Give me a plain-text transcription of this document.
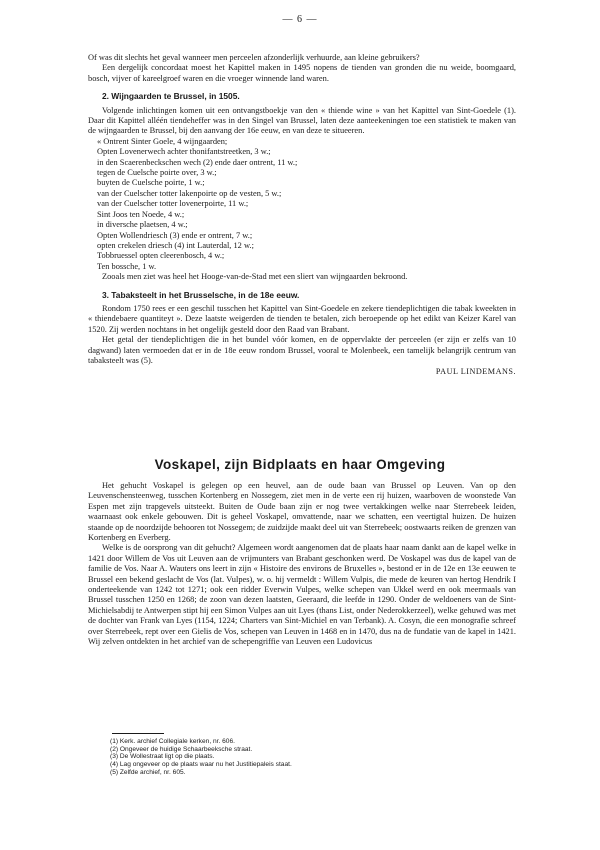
— 6 —

Of was dit slechts het geval wanneer men perceelen afzonderlijk verhuurde, aan kleine gebruikers?

Een dergelijk concordaat moest het Kapittel maken in 1495 nopens de tienden van gronden die nu weide, boomgaard, bosch, vijver of kareelgroef waren en die vroeger winnende land waren.

2. Wijngaarden te Brussel, in 1505.

Volgende inlichtingen komen uit een ontvangstboekje van den « thiende wine » van het Kapittel van Sint-Goedele (1). Daar dit Kapittel alléén tiendeheffer was in den Singel van Brussel, laten deze aanteekeningen toe een statistiek te maken van de wijngaarden te Brussel, bij den aanvang der 16e eeuw, en van deze te situeeren.

« Ontrent Sinter Goele, 4 wijngaarden;

Opten Lovenerwech achter thonifantstreetken, 3 w.;

in den Scaerenbeckschen wech (2) ende daer ontrent, 11 w.;

tegen de Cuelsche poirte over, 3 w.;

buyten de Cuelsche poirte, 1 w.;

van der Cuelscher totter lakenpoirte op de vesten, 5 w.;

van der Cuelscher totter lovenerpoirte, 11 w.;

Sint Joos ten Noede, 4 w.;

in diversche plaetsen, 4 w.;

Opten Wollendriesch (3) ende er ontrent, 7 w.;

opten crekelen driesch (4) int Lauterdal, 12 w.;

Tobbruessel opten cleerenbosch, 4 w.;

Ten bossche, 1 w.

Zooals men ziet was heel het Hooge-van-de-Stad met een sliert van wijngaarden bekroond.

3. Tabaksteelt in het Brusselsche, in de 18e eeuw.

Rondom 1750 rees er een geschil tusschen het Kapittel van Sint-Goedele en zekere tiendeplichtigen die tabak kweekten in « thiendebaere quantiteyt ». Deze laatste weigerden de tienden te betalen, zich beroepende op het edikt van Keizer Karel van 1520. Zij werden nochtans in het ongelijk gesteld door den Raad van Brabant.

Het getal der tiendeplichtigen die in het bundel vóór komen, en de oppervlakte der perceelen (er zijn er zelfs van 10 dagwand) laten vermoeden dat er in de 18e eeuw rondom Brussel, vooral te Molenbeek, een tamelijk belangrijk centrum van tabaksteelt was (5).

PAUL LINDEMANS.
Voskapel, zijn Bidplaats en haar Omgeving

Het gehucht Voskapel is gelegen op een heuvel, aan de oude baan van Brussel op Leuven. Van op den Leuvenschensteenweg, tusschen Kortenberg en Nossegem, ziet men in de verte een rij huizen, waarboven de woonstede Van Espen met zijn trapgevels uitsteekt. Buiten de Oude baan zijn er nog twee vertakkingen welke naar Sterrebeek leiden, waarnaast ook enkele gebouwen. Dit is geheel Voskapel, omvattende, naar we schatten, een veertigtal huizen. De huizen staande op de noordzijde behooren tot Nossegem; de zuidzijde maakt deel uit van Sterrebeek; oostwaarts reiken de grenzen van Kortenberg en Everberg.

Welke is de oorsprong van dit gehucht? Algemeen wordt aangenomen dat de plaats haar naam dankt aan de kapel welke in 1421 door Willem de Vos uit Leuven aan de vrijmunters van Brabant geschonken werd. De Voskapel was dus de kapel van de familie de Vos. Naar A. Wauters ons leert in zijn « Histoire des environs de Bruxelles », bestond er in de 12e en 13e eeuwen te Brussel een bekend geslacht de Vos (lat. Vulpes), w. o. hij vermeldt : Willem Vulpis, die mede de keuren van hertog Hendrik I onderteekende van 1242 tot 1271; ook een ridder Everwin Vulpes, welke schepen van Ukkel werd en ook meermaals van Brussel tusschen 1250 en 1268; de zoon van dezen laatsten, Geeraard, die leefde in 1290. Onder de weldoeners van de Sint-Michielsabdij te Antwerpen stipt hij een Simon Vulpes aan uit Lyes (thans List, onder Nederokkerzeel), welke gehuwd was met de dochter van Frank van Lyes (1154, 1224; Charters van Sint-Michiel en van Terbank). A. Cosyn, die een monografie schreef over Sterrebeek, rept over een Gielis de Vos, schepen van Leuven in 1468 en in 1470, dus na de fundatie van de kapel in 1421. Wij zelven ontdekten in het archief van de schepengriffie van Leuven een Ludovicus

(1) Kerk. archief Collegiale kerken, nr. 606.
(2) Ongeveer de huidige Schaarbeeksche straat.
(3) De Wollestraat ligt op die plaats.
(4) Lag ongeveer op de plaats waar nu het Justitiepaleis staat.
(5) Zelfde archief, nr. 605.
